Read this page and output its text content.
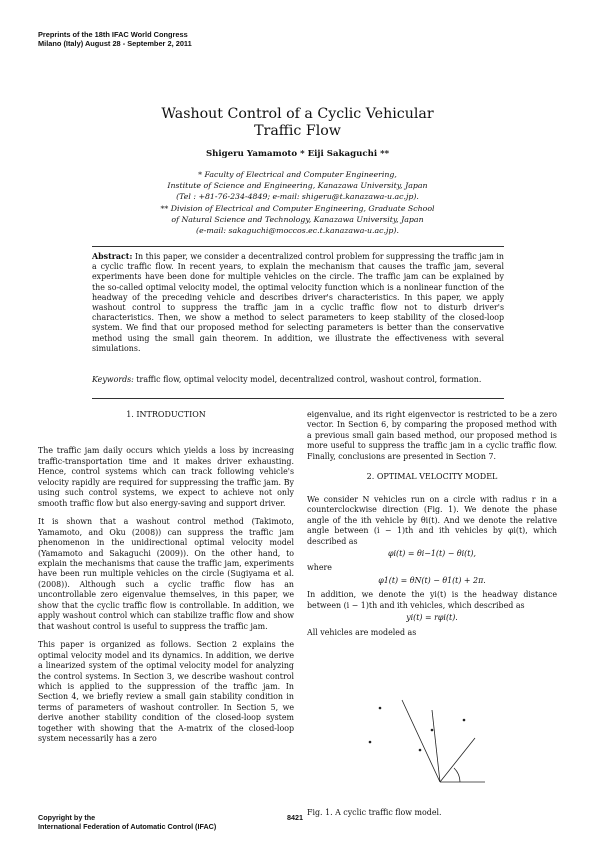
Preprints of the 18th IFAC World Congress
Milano (Italy) August 28 - September 2, 2011
Washout Control of a Cyclic Vehicular
Traffic Flow
Shigeru Yamamoto * Eiji Sakaguchi **
* Faculty of Electrical and Computer Engineering,
Institute of Science and Engineering, Kanazawa University, Japan
(Tel : +81-76-234-4849; e-mail: shigeru@t.kanazawa-u.ac.jp).
** Division of Electrical and Computer Engineering, Graduate School
of Natural Science and Technology, Kanazawa University, Japan
(e-mail: sakaguchi@moccos.ec.t.kanazawa-u.ac.jp).
Abstract: In this paper, we consider a decentralized control problem for suppressing the traffic jam in a cyclic traffic flow. In recent years, to explain the mechanism that causes the traffic jam, several experiments have been done for multiple vehicles on the circle. The traffic jam can be explained by the so-called optimal velocity model, the optimal velocity function which is a nonlinear function of the headway of the preceding vehicle and describes driver's characteristics. In this paper, we apply washout control to suppress the traffic jam in a cyclic traffic flow not to disturb driver's characteristics. Then, we show a method to select parameters to keep stability of the closed-loop system. We find that our proposed method for selecting parameters is better than the conservative method using the small gain theorem. In addition, we illustrate the effectiveness with several simulations.
Keywords: traffic flow, optimal velocity model, decentralized control, washout control, formation.

1. INTRODUCTION

The traffic jam daily occurs which yields a loss by increasing traffic-transportation time and it makes driver exhausting. Hence, control systems which can track following vehicle's velocity rapidly are required for suppressing the traffic jam. By using such control systems, we expect to achieve not only smooth traffic flow but also energy-saving and support driver.

It is shown that a washout control method (Takimoto, Yamamoto, and Oku (2008)) can suppress the traffic jam phenomenon in the unidirectional optimal velocity model (Yamamoto and Sakaguchi (2009)). On the other hand, to explain the mechanisms that cause the traffic jam, experiments have been run multiple vehicles on the circle (Sugiyama et al. (2008)). Although such a cyclic traffic flow has an uncontrollable zero eigenvalue themselves, in this paper, we show that the cyclic traffic flow is controllable. In addition, we apply washout control which can stabilize traffic flow and show that washout control is useful to suppress the traffic jam.

This paper is organized as follows. Section 2 explains the optimal velocity model and its dynamics. In addition, we derive a linearized system of the optimal velocity model for analyzing the control systems. In Section 3, we describe washout control which is applied to the suppression of the traffic jam. In Section 4, we briefly review a small gain stability condition in terms of parameters of washout controller. In Section 5, we derive another stability condition of the closed-loop system together with showing that the A-matrix of the closed-loop system necessarily has a zero

eigenvalue, and its right eigenvector is restricted to be a zero vector. In Section 6, by comparing the proposed method with a previous small gain based method, our proposed method is more useful to suppress the traffic jam in a cyclic traffic flow. Finally, conclusions are presented in Section 7.

2. OPTIMAL VELOCITY MODEL

We consider N vehicles run on a circle with radius r in a counterclockwise direction (Fig. 1). We denote the phase angle of the ith vehicle by θi(t). And we denote the relative angle between (i − 1)th and ith vehicles by φi(t), which described as

φi(t) = θi−1(t) − θi(t),
where
φ1(t) = θN(t) − θ1(t) + 2π.

In addition, we denote the yi(t) is the headway distance between (i − 1)th and ith vehicles, which described as

yi(t) = rφi(t).

All vehicles are modeled as

Fig. 1. A cyclic traffic flow model.
Copyright by the
International Federation of Automatic Control (IFAC)
8421
